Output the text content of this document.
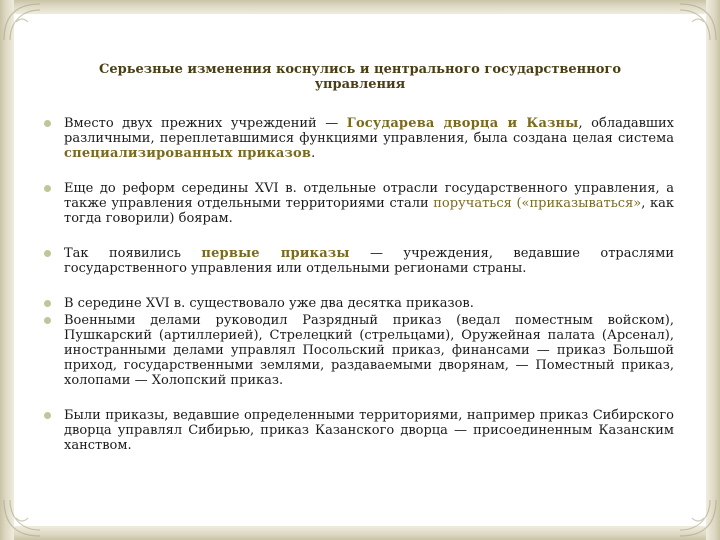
Серьезные изменения коснулись и центрального государственного управления
Вместо двух прежних учреждений — Государева дворца и Казны, обладавших различными, переплетавшимися функциями управления, была создана целая система специализированных приказов.
Еще до реформ середины XVI в. отдельные отрасли государственного управления, а также управления отдельными территориями стали поручаться («приказываться», как тогда говорили) боярам.
Так появились первые приказы — учреждения, ведавшие отраслями государственного управления или отдельными регионами страны.
В середине XVI в. существовало уже два десятка приказов.
Военными делами руководил Разрядный приказ (ведал поместным войском), Пушкарский (артиллерией), Стрелецкий (стрельцами), Оружейная палата (Арсенал), иностранными делами управлял Посольский приказ, финансами — приказ Большой приход, государственными землями, раздаваемыми дворянам, — Поместный приказ, холопами — Холопский приказ.
Были приказы, ведавшие определенными территориями, например приказ Сибирского дворца управлял Сибирью, приказ Казанского дворца — присоединенным Казанским ханством.
